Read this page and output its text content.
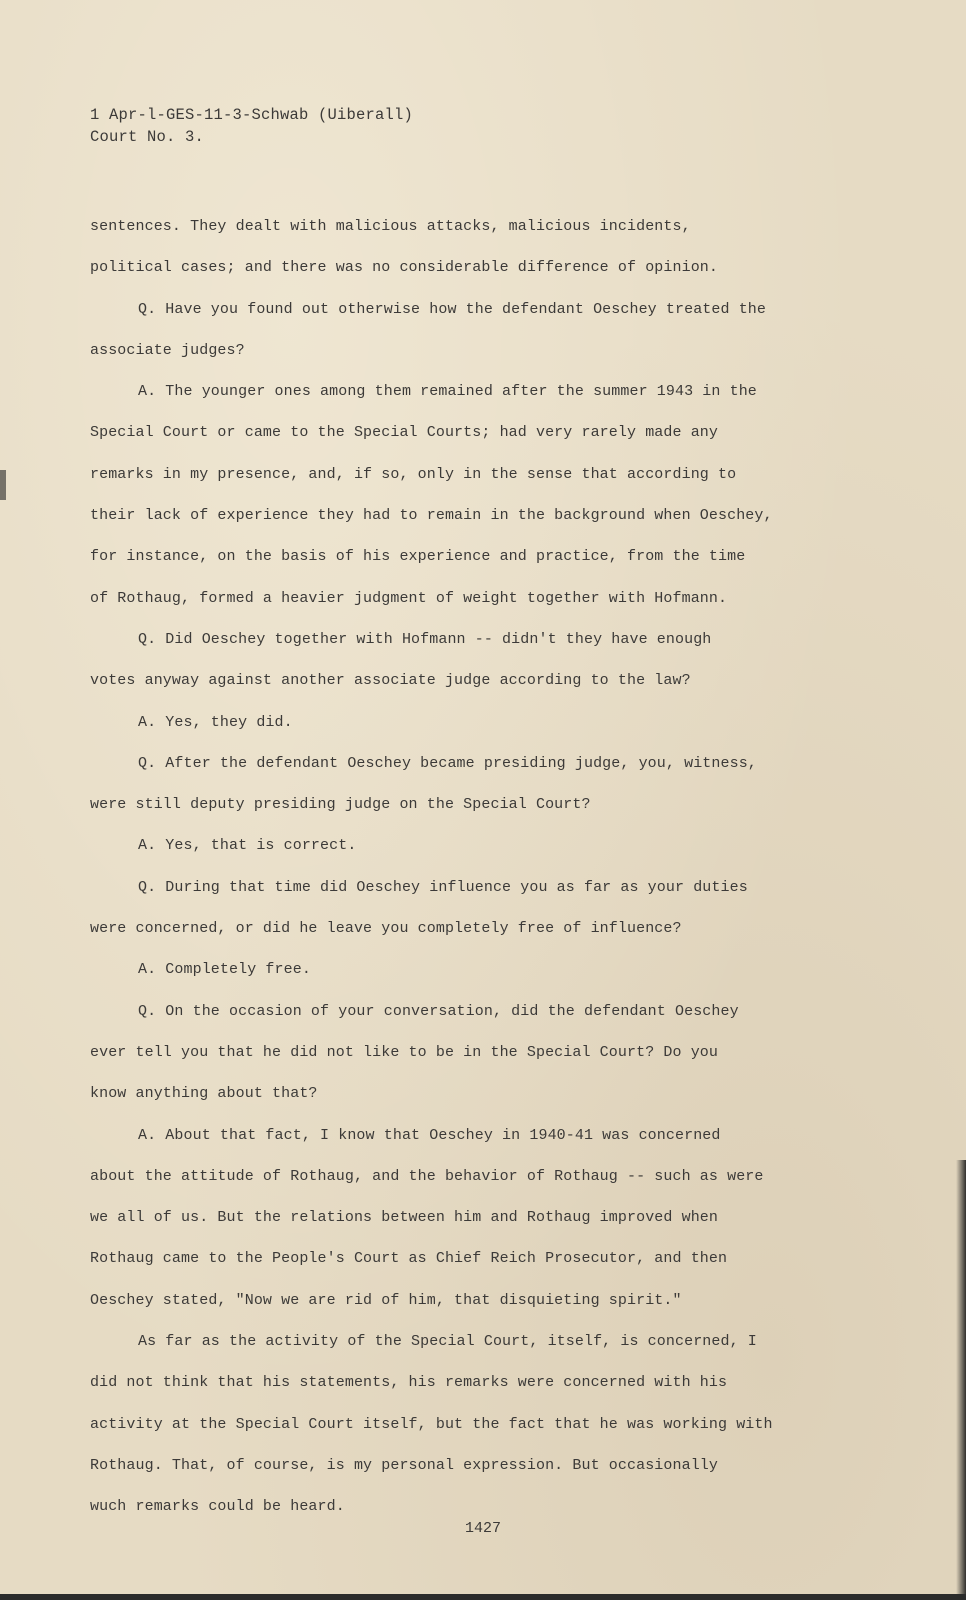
1 Apr-l-GES-11-3-Schwab (Uiberall)
Court No. 3.
sentences. They dealt with malicious attacks, malicious incidents,
political cases; and there was no considerable difference of opinion.
Q. Have you found out otherwise how the defendant Oeschey treated the
associate judges?
A. The younger ones among them remained after the summer 1943 in the
Special Court or came to the Special Courts; had very rarely made any
remarks in my presence, and, if so, only in the sense that according to
their lack of experience they had to remain in the background when Oeschey,
for instance, on the basis of his experience and practice, from the time
of Rothaug, formed a heavier judgment of weight together with Hofmann.
Q. Did Oeschey together with Hofmann -- didn't they have enough
votes anyway against another associate judge according to the law?
A. Yes, they did.
Q. After the defendant Oeschey became presiding judge, you, witness,
were still deputy presiding judge on the Special Court?
A. Yes, that is correct.
Q. During that time did Oeschey influence you as far as your duties
were concerned, or did he leave you completely free of influence?
A. Completely free.
Q. On the occasion of your conversation, did the defendant Oeschey
ever tell you that he did not like to be in the Special Court? Do you
know anything about that?
A. About that fact, I know that Oeschey in 1940-41 was concerned
about the attitude of Rothaug, and the behavior of Rothaug -- such as were
we all of us. But the relations between him and Rothaug improved when
Rothaug came to the People's Court as Chief Reich Prosecutor, and then
Oeschey stated, "Now we are rid of him, that disquieting spirit."
As far as the activity of the Special Court, itself, is concerned, I
did not think that his statements, his remarks were concerned with his
activity at the Special Court itself, but the fact that he was working with
Rothaug. That, of course, is my personal expression. But occasionally
wuch remarks could be heard.
1427
